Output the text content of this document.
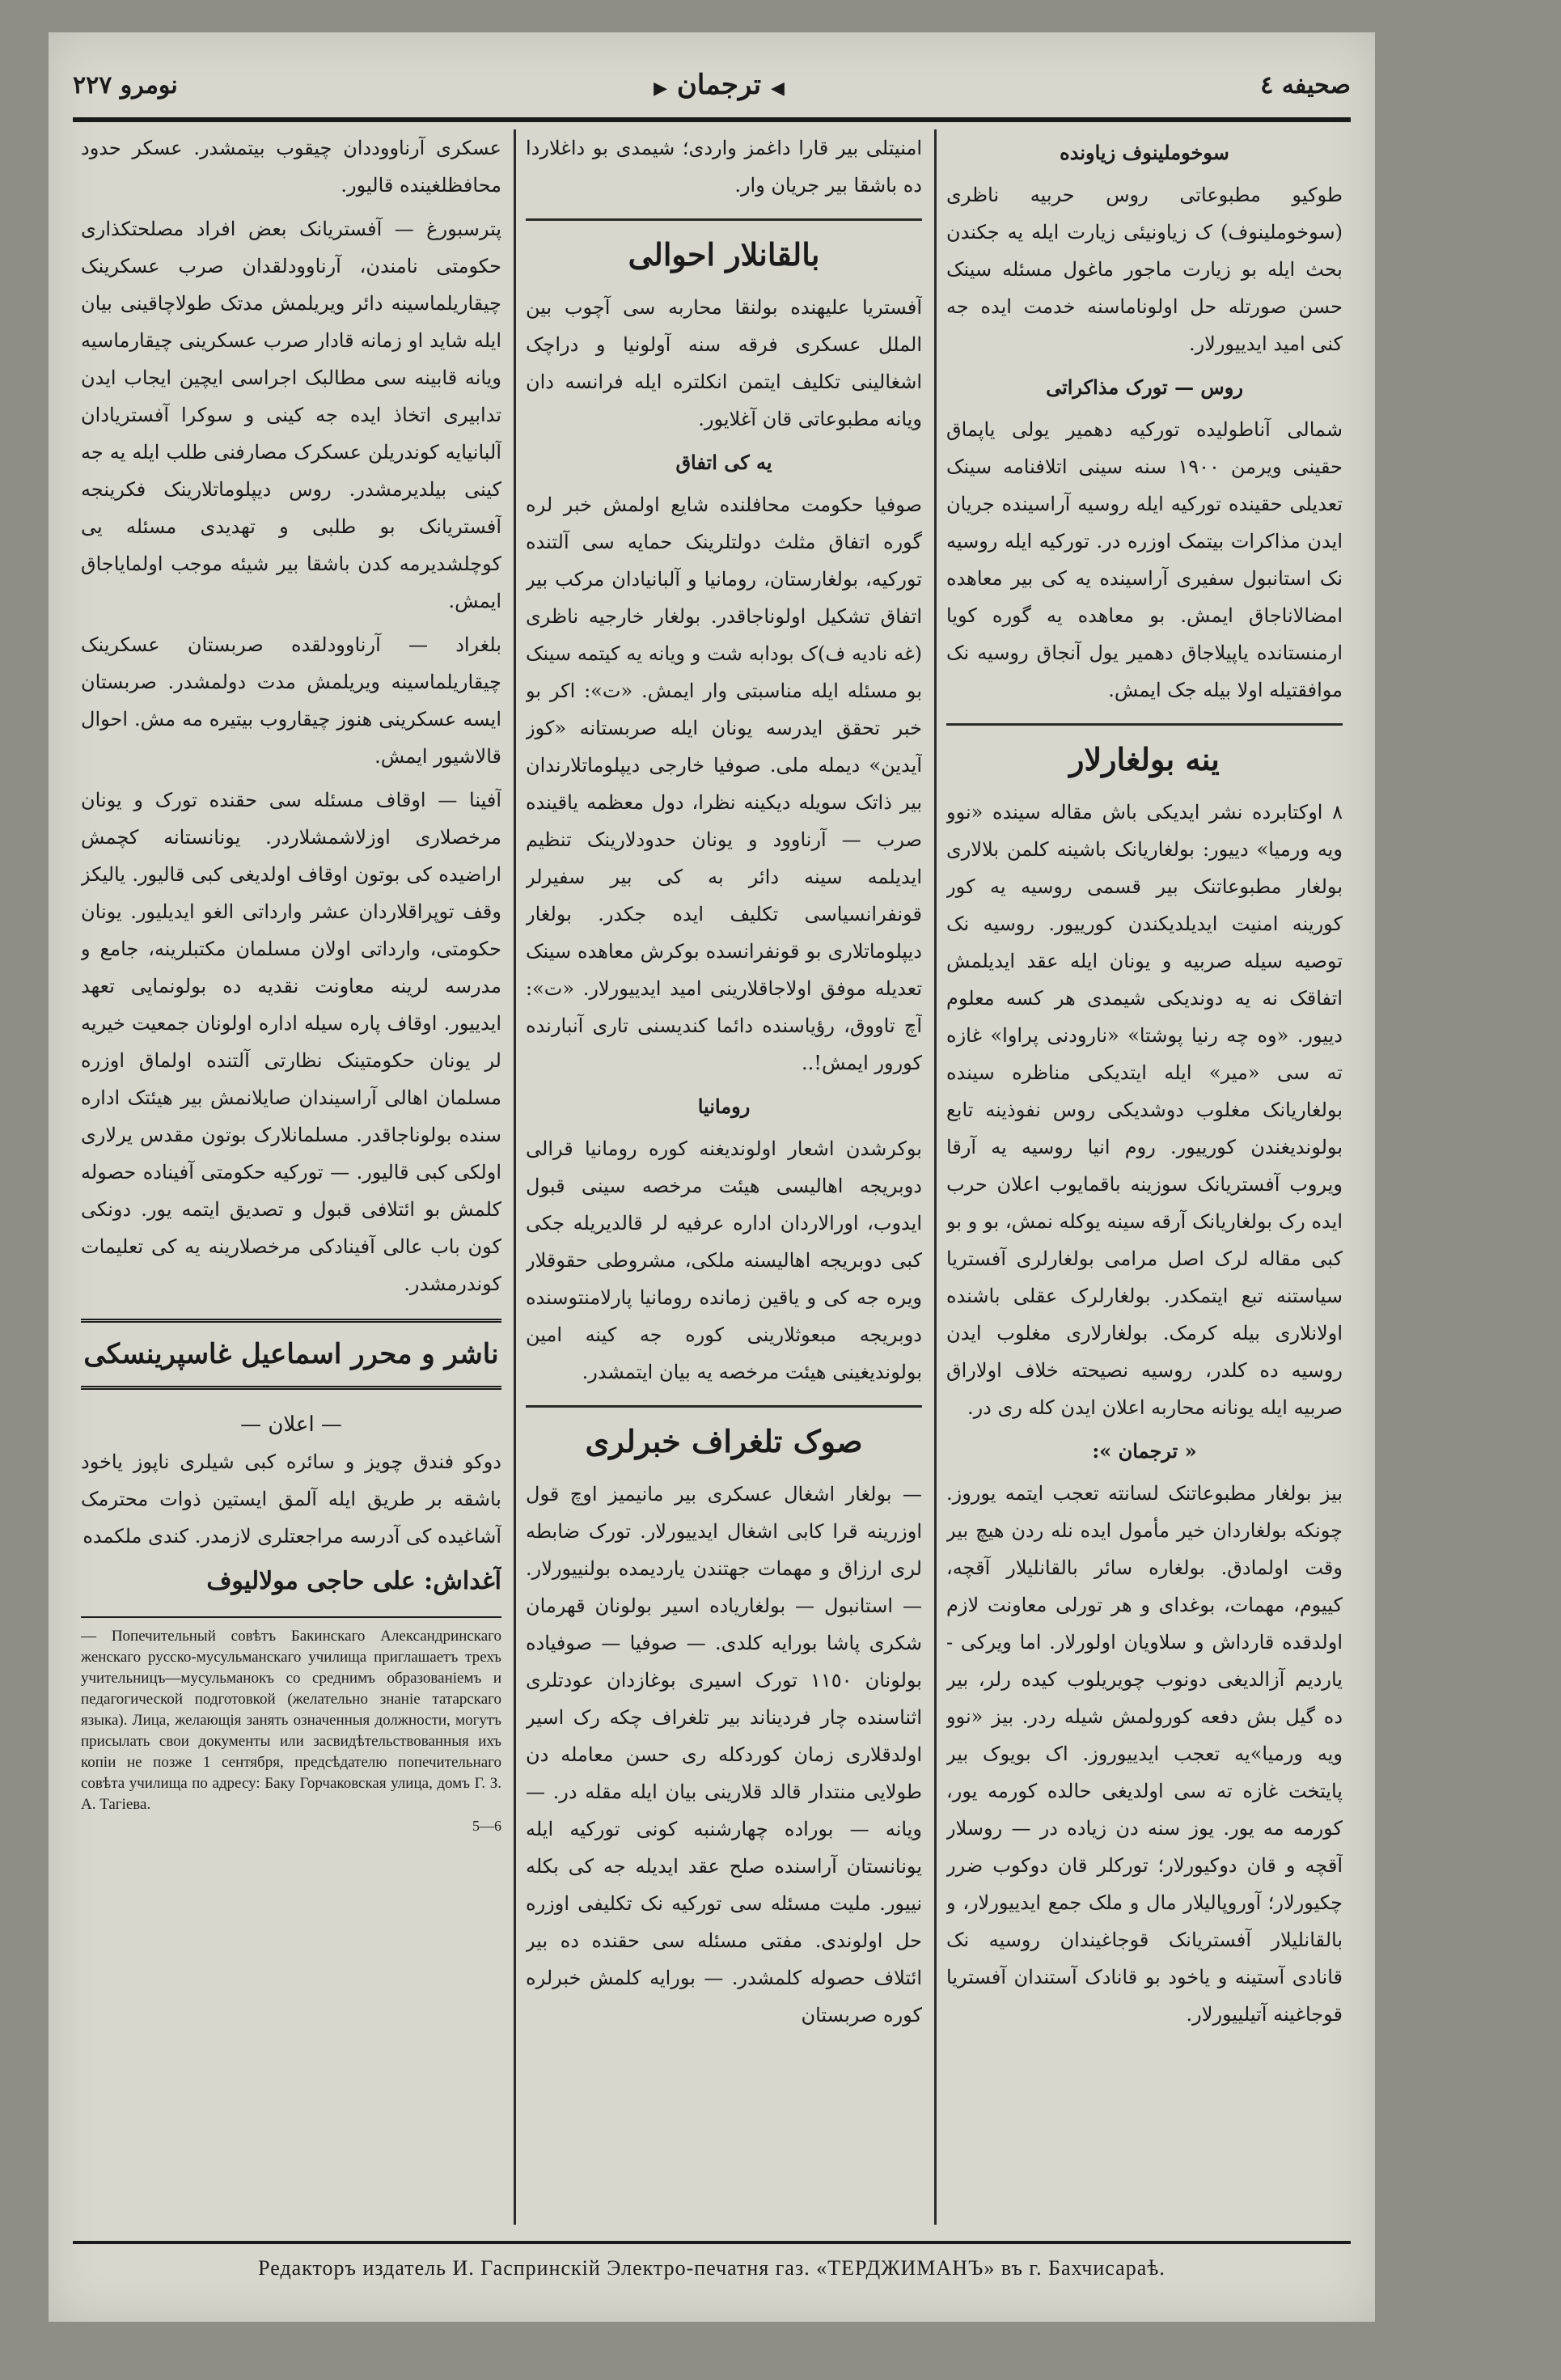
صحیفه ٤
◀ ترجمان ▶
نومرو ٢٢٧
سوخوملینوف زیاونده

طوکیو مطبوعاتی روس حربیه ناظری (سوخوملینوف) ک زیاونیئی زیارت ایله یه جکندن بحث ایله بو زیارت ماجور ماغول مسئله سینک حسن صورتله حل اولوناماسنه خدمت ایده جه کنی امید ایدییورلار.

روس — تورک مذاکراتی

شمالی آناطولیده تورکیه دهمیر یولی یاپماق حقینی ویرمن ١٩٠٠ سنه سینی اتلافنامه سینک تعدیلی حقینده تورکیه ایله روسیه آراسینده جریان ایدن مذاکرات بیتمک اوزره در. تورکیه ایله روسیه نک استانبول سفیری آراسینده یه کی بیر معاهده امضالاناجاق ایمش. بو معاهده یه گوره کویا ارمنستانده یاپیلاجاق دهمیر یول آنجاق روسیه نک موافقتیله اولا بیله جک ایمش.

ینه بولغارلار

٨ اوکتابرده نشر ایدیکی باش مقاله سینده «نوو ویه ورمیا» دییور: بولغاریانک باشینه کلمن بلالاری بولغار مطبوعاتنک بیر قسمی روسیه یه کور کورینه امنیت ایدیلدیکندن کورییور. روسیه نک توصیه سیله صربیه و یونان ایله عقد ایدیلمش اتفاقک نه یه دوندیکی شیمدی هر کسه معلوم دییور. «وه چه رنیا پوشتا» «نارودنی پراوا» غازه ته سی «میر» ایله ایتدیکی مناظره سینده بولغاریانک مغلوب دوشدیکی روس نفوذینه تابع بولوندیغندن کورییور. روم انیا روسیه یه آرقا ویروب آفستریانک سوزینه باقمایوب اعلان حرب ایده رک بولغاریانک آرقه سینه یوکله نمش، بو و بو کبی مقاله لرک اصل مرامی بولغارلری آفستریا سیاستنه تبع ایتمکدر. بولغارلرک عقلی باشنده اولانلاری بیله کرمک. بولغارلاری مغلوب ایدن روسیه ده کلدر، روسیه نصیحته خلاف اولاراق صربیه ایله یونانه محاربه اعلان ایدن کله ری در.

« ترجمان »:

بیز بولغار مطبوعاتنک لسانته تعجب ایتمه یوروز. چونکه بولغاردان خیر مأمول ایده نله ردن هیچ بیر وقت اولمادق. بولغاره سائر بالقانلیلار آقچه، کییوم، مهمات، بوغدای و هر تورلی معاونت لازم اولدقده قارداش و سلاویان اولورلار. اما ویرکی - یاردیم آزالدیغی دونوب چویریلوب کیده رلر، بیر ده گیل بش دفعه کورولمش شیله ردر. بیز «نوو ویه ورمیا»یه تعجب ایدییوروز. اک بویوک بیر پایتخت غازه ته سی اولدیغی حالده کورمه یور، کورمه مه یور. یوز سنه دن زیاده در — روسلار آقچه و قان دوکیورلار؛ تورکلر قان دوکوب ضرر چکیورلار؛ آوروپالیلار مال و ملک جمع ایدییورلار، و بالقانلیلار آفستریانک قوجاغیندان روسیه نک قانادی آستینه و یاخود بو قانادک آستندان آفستریا قوجاغینه آتیلییورلار.

امنیتلی بیر قارا داغمز واردی؛ شیمدی بو داغلاردا ده باشقا بیر جریان وار.

بالقانلار احوالی

آفستریا علیهنده بولنقا محاربه سی آچوب بین الملل عسکری فرقه سنه آولونیا و دراچک اشغالینی تکلیف ایتمن انکلتره ایله فرانسه دان ویانه مطبوعاتی قان آغلایور.

یه کی اتفاق

صوفیا حکومت محافلنده شایع اولمش خبر لره گوره اتفاق مثلث دولتلرینک حمایه سی آلتنده تورکیه، بولغارستان، رومانیا و آلبانیادان مرکب بیر اتفاق تشکیل اولوناجاقدر. بولغار خارجیه ناظری (غه نادیه ف)ک بودابه شت و ویانه یه کیتمه سینک بو مسئله ایله مناسبتی وار ایمش. «ت»: اکر بو خبر تحقق ایدرسه یونان ایله صربستانه «کوز آیدین» دیمله ملی. صوفیا خارجی دیپلوماتلارندان بیر ذاتک سویله دیکینه نظرا، دول معظمه یاقینده صرب — آرناوود و یونان حدودلارینک تنظیم ایدیلمه سینه دائر به کی بیر سفیرلر قونفرانسیاسی تکلیف ایده جکدر. بولغار دیپلوماتلاری بو قونفرانسده بوکرش معاهده سینک تعدیله موفق اولاجاقلارینی امید ایدییورلار. «ت»: آچ تاووق، رؤیاسنده دائما کندیسنی تاری آنبارنده کورور ایمش!..

رومانیا

بوکرشدن اشعار اولوندیغنه کوره رومانیا قرالی دوبریجه اهالیسی هیئت مرخصه سینی قبول ایدوب، اورالاردان اداره عرفیه لر قالدیریله جکی کبی دوبریجه اهالیسنه ملکی، مشروطی حقوقلار ویره جه کی و یاقین زمانده رومانیا پارلامنتوسنده دوبریجه مبعوثلارینی کوره جه کینه امین بولوندیغینی هیئت مرخصه یه بیان ایتمشدر.

صوک تلغراف خبرلری

— بولغار اشغال عسکری بیر مانیمیز اوچ قول اوزرینه قرا کابی اشغال ایدییورلار. تورک ضابطه لری ارزاق و مهمات جهتندن یاردیمده بولنییورلار. — استانبول — بولغاریاده اسیر بولونان قهرمان شکری پاشا بورایه کلدی. — صوفیا — صوفیاده بولونان ١١٥٠ تورک اسیری بوغازدان عودتلری اثناسنده چار فردیناند بیر تلغراف چکه رک اسیر اولدقلاری زمان کوردکله ری حسن معامله دن طولایی منتدار قالد قلارینی بیان ایله مقله در. — ویانه — بوراده چهارشنبه کونی تورکیه ایله یونانستان آراسنده صلح عقد ایدیله جه کی بکله نییور. ملیت مسئله سی تورکیه نک تکلیفی اوزره حل اولوندی. مفتی مسئله سی حقنده ده بیر ائتلاف حصوله کلمشدر. — بورایه کلمش خبرلره کوره صربستان

عسکری آرناووددان چیقوب بیتمشدر. عسکر حدود محافظلغینده قالیور.

پترسبورغ — آفستریانک بعض افراد مصلحتکذاری حکومتی نامندن، آرناوودلقدان صرب عسکرینک چیقاریلماسینه دائر ویریلمش مدتک طولاچاقینی بیان ایله شاید او زمانه قادار صرب عسکرینی چیقارماسیه ویانه قابینه سی مطالبک اجراسی ایچین ایجاب ایدن تدابیری اتخاذ ایده جه کینی و سوکرا آفستریادان آلبانیایه کوندریلن عسکرک مصارفنی طلب ایله یه جه کینی بیلدیرمشدر. روس دیپلوماتلارینک فکرینجه آفستریانک بو طلبی و تهدیدی مسئله یی کوچلشدیرمه کدن باشقا بیر شیئه موجب اولمایاجاق ایمش.

بلغراد — آرناوودلقده صربستان عسکرینک چیقاریلماسینه ویریلمش مدت دولمشدر. صربستان ایسه عسکرینی هنوز چیقاروب بیتیره مه مش. احوال قالاشیور ایمش.

آفینا — اوقاف مسئله سی حقنده تورک و یونان مرخصلاری اوزلاشمشلاردر. یونانستانه کچمش اراضیده کی بوتون اوقاف اولدیغی کبی قالیور. یالیکز وقف توپراقلاردان عشر وارداتی الغو ایدیلیور. یونان حکومتی، وارداتی اولان مسلمان مکتبلرینه، جامع و مدرسه لرینه معاونت نقدیه ده بولونمایی تعهد ایدییور. اوقاف پاره سیله اداره اولونان جمعیت خیریه لر یونان حکومتینک نظارتی آلتنده اولماق اوزره مسلمان اهالی آراسیندان صایلانمش بیر هیئتک اداره سنده بولوناجاقدر. مسلمانلارک بوتون مقدس یرلاری اولکی کبی قالیور. — تورکیه حکومتی آفیناده حصوله کلمش بو ائتلافی قبول و تصدیق ایتمه یور. دونکی کون باب عالی آفینادکی مرخصلارینه یه کی تعلیمات کوندرمشدر.

ناشر و محرر اسماعیل غاسپرینسکی
— اعلان —

دوکو فندق چویز و سائره کبی شیلری ناپوز یاخود باشقه بر طریق ایله آلمق ایستین ذوات محترمک آشاغیده کی آدرسه مراجعتلری لازمدر. کندی ملکمده

آغداش: علی حاجی مولالیوف
— Попечительный совѣтъ Бакинскаго Александринскаго женскаго русско-мусульманскаго училища приглашаетъ трехъ учительницъ—мусульманокъ со среднимъ образованіемъ и педагогической подготовкой (желательно знаніе татарскаго языка). Лица, желающія занять означенныя должности, могутъ присылать свои документы или засвидѣтельствованныя ихъ копіи не позже 1 сентября, предсѣдателю попечительнаго совѣта училища по адресу: Баку Горчаковская улица, домъ Г. З. А. Тагіева.
5—6
Редакторъ издатель И. Гаспринскій Электро-печатня газ. «ТЕРДЖИМАНЪ» въ г. Бахчисараѣ.
